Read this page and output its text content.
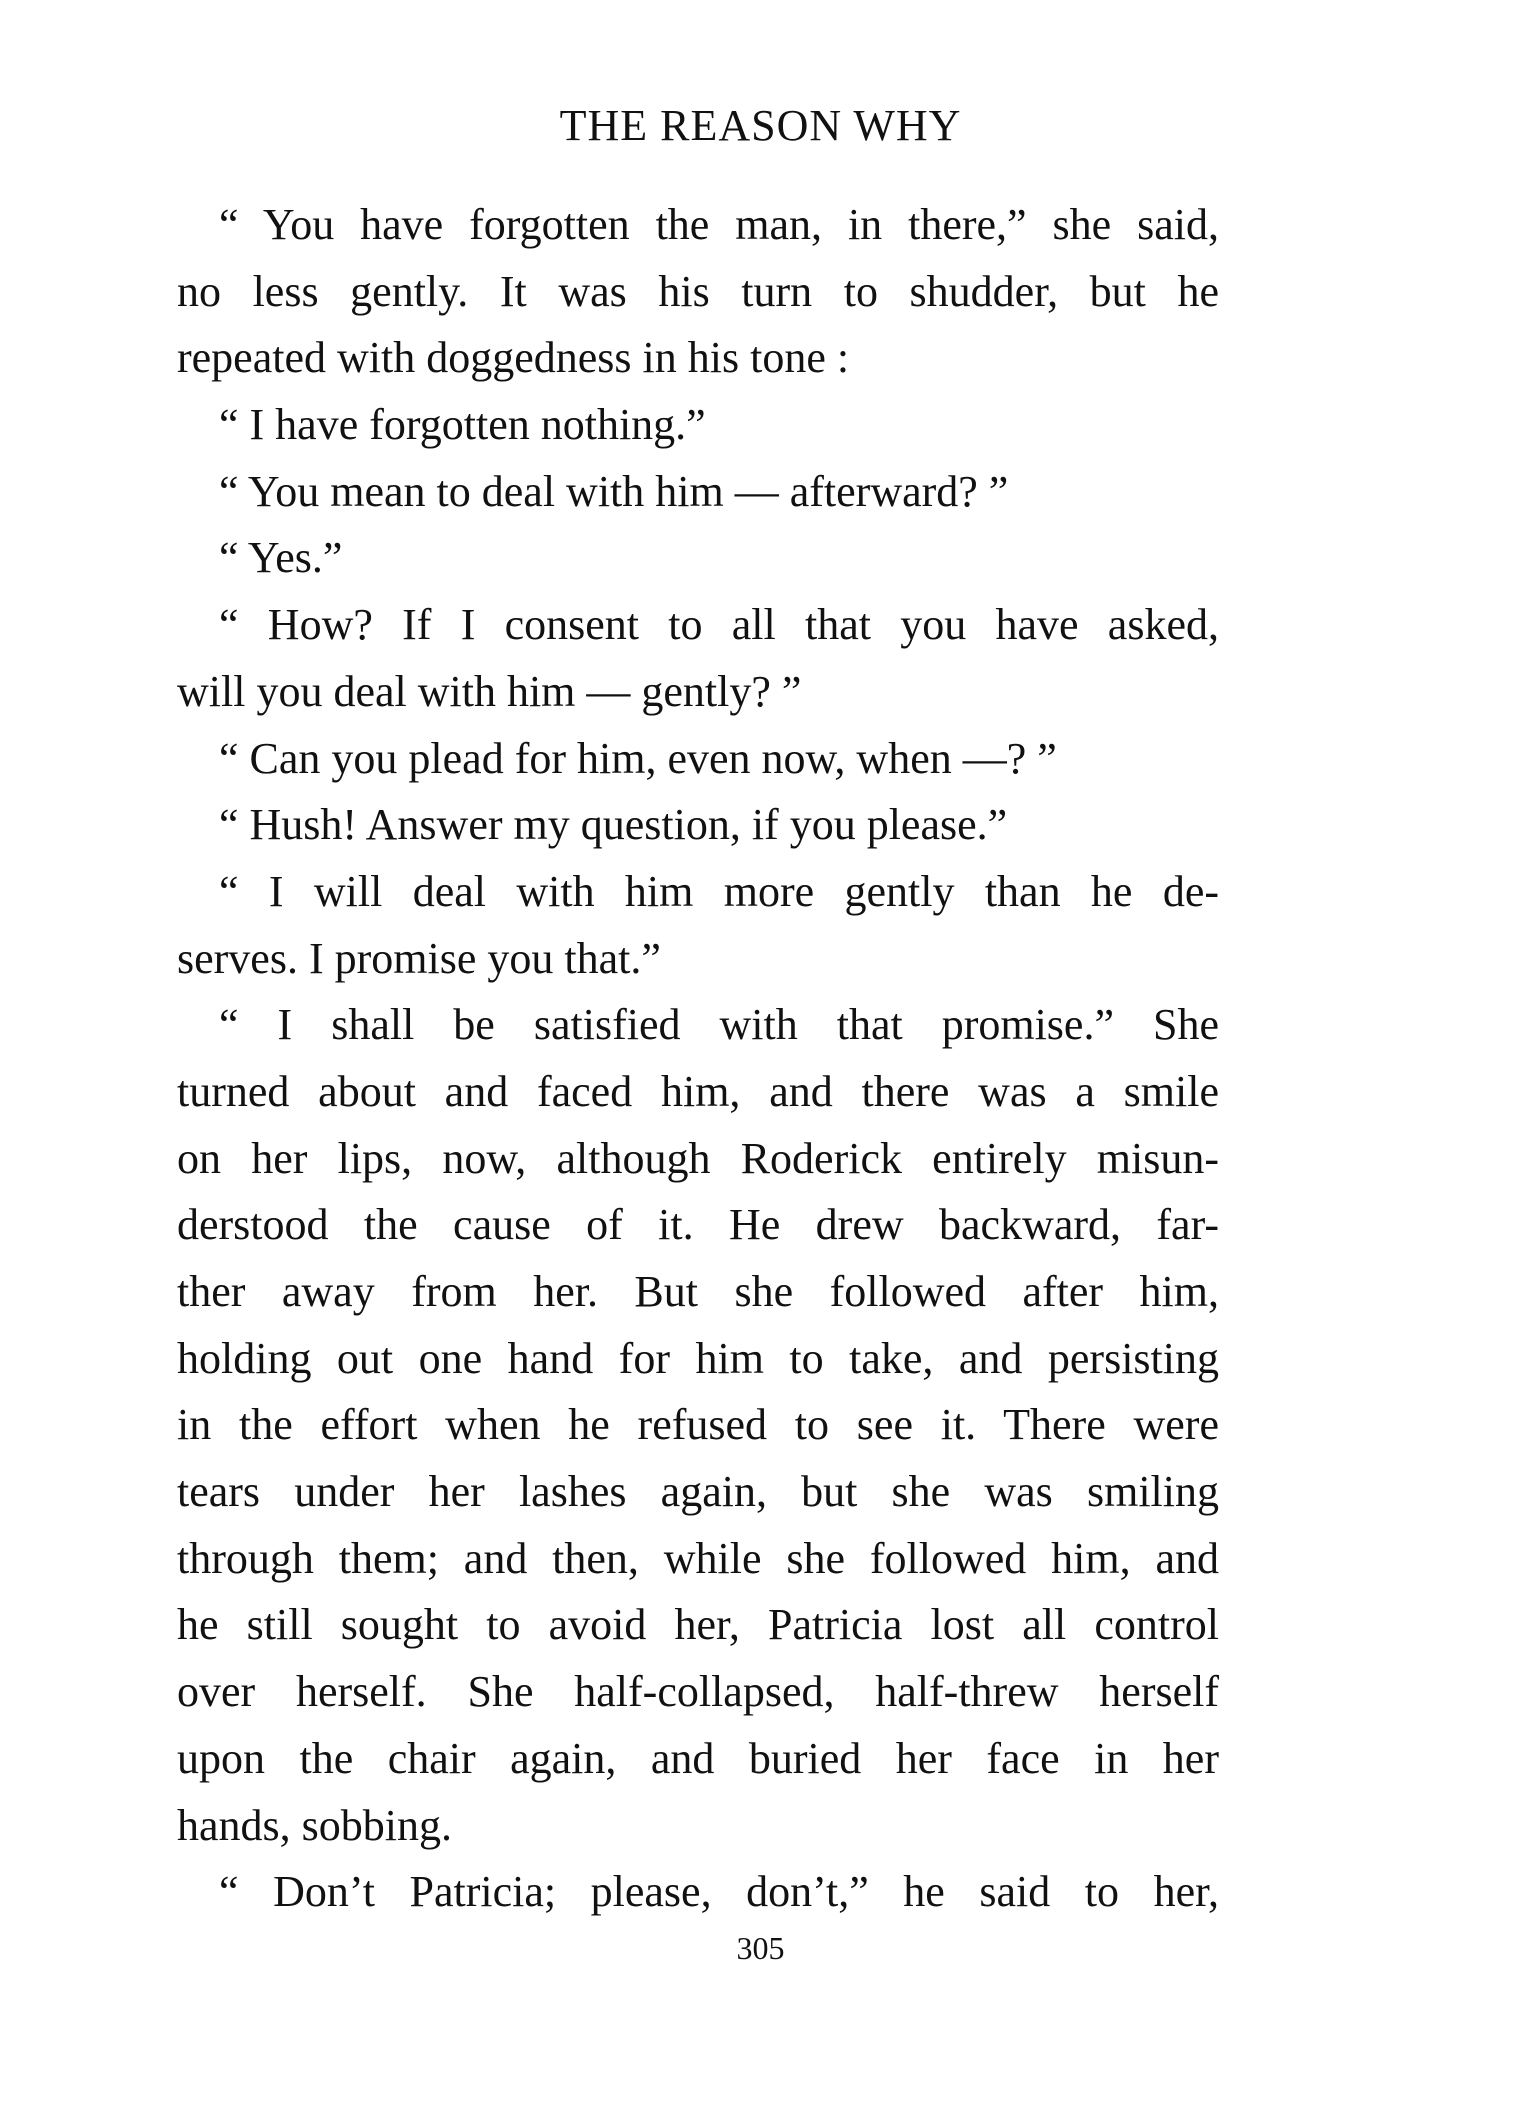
THE REASON WHY
“ You have forgotten the man, in there,” she said,
no less gently. It was his turn to shudder, but he
repeated with doggedness in his tone :
“ I have forgotten nothing.”
“ You mean to deal with him — afterward? ”
“ Yes.”
“ How? If I consent to all that you have asked,
will you deal with him — gently? ”
“ Can you plead for him, even now, when —? ”
“ Hush! Answer my question, if you please.”
“ I will deal with him more gently than he de-
serves. I promise you that.”
“ I shall be satisfied with that promise.” She
turned about and faced him, and there was a smile
on her lips, now, although Roderick entirely misun-
derstood the cause of it. He drew backward, far-
ther away from her. But she followed after him,
holding out one hand for him to take, and persisting
in the effort when he refused to see it. There were
tears under her lashes again, but she was smiling
through them; and then, while she followed him, and
he still sought to avoid her, Patricia lost all control
over herself. She half-collapsed, half-threw herself
upon the chair again, and buried her face in her
hands, sobbing.
“ Don’t Patricia; please, don’t,” he said to her,
305
